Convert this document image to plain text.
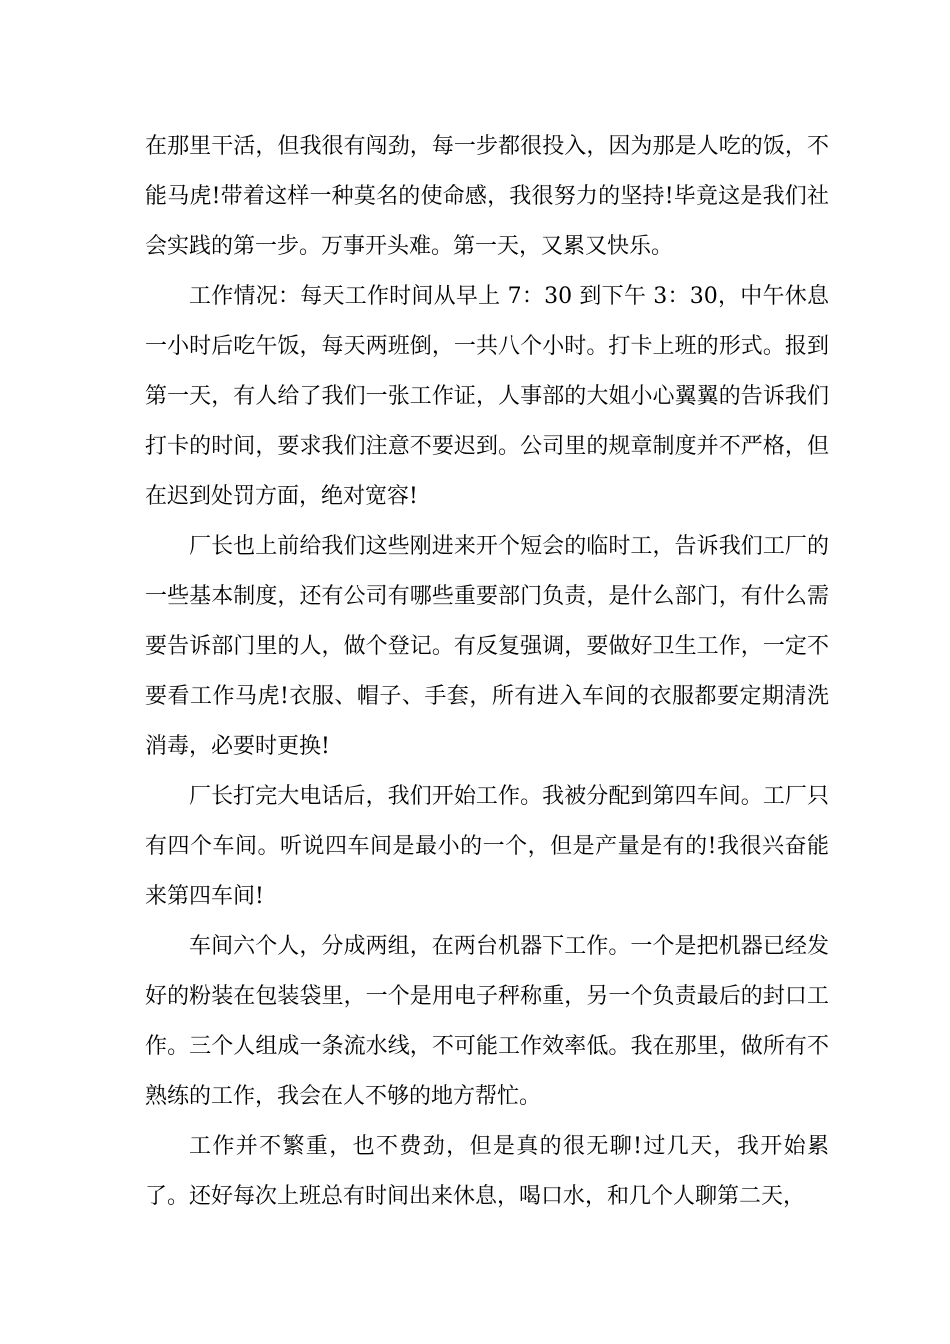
在那里干活，但我很有闯劲，每一步都很投入，因为那是人吃的饭，不能马虎!带着这样一种莫名的使命感，我很努力的坚持!毕竟这是我们社会实践的第一步。万事开头难。第一天，又累又快乐。

工作情况：每天工作时间从早上 7：30 到下午 3：30，中午休息一小时后吃午饭，每天两班倒，一共八个小时。打卡上班的形式。报到第一天，有人给了我们一张工作证，人事部的大姐小心翼翼的告诉我们打卡的时间，要求我们注意不要迟到。公司里的规章制度并不严格，但在迟到处罚方面，绝对宽容!

厂长也上前给我们这些刚进来开个短会的临时工，告诉我们工厂的一些基本制度，还有公司有哪些重要部门负责，是什么部门，有什么需要告诉部门里的人，做个登记。有反复强调，要做好卫生工作，一定不要看工作马虎!衣服、帽子、手套，所有进入车间的衣服都要定期清洗消毒，必要时更换!

厂长打完大电话后，我们开始工作。我被分配到第四车间。工厂只有四个车间。听说四车间是最小的一个，但是产量是有的!我很兴奋能来第四车间!

车间六个人，分成两组，在两台机器下工作。一个是把机器已经发好的粉装在包装袋里，一个是用电子秤称重，另一个负责最后的封口工作。三个人组成一条流水线，不可能工作效率低。我在那里，做所有不熟练的工作，我会在人不够的地方帮忙。

工作并不繁重，也不费劲，但是真的很无聊!过几天，我开始累了。还好每次上班总有时间出来休息，喝口水，和几个人聊第二天，
